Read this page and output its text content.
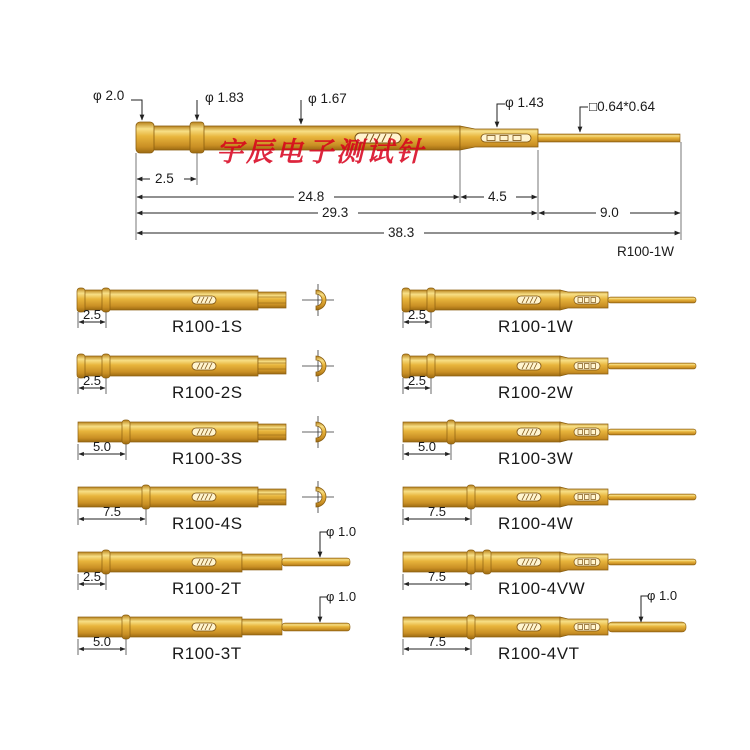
φ 2.0	φ 1.83	φ 1.67	φ 1.43	□0.64*0.64
2.5
24.8	4.5
29.3	9.0
38.3
R100-1W
宇辰电子测试针
2.5
R100-1S
2.5
R100-2S
5.0
R100-3S
7.5
R100-4S	φ 1.0
2.5
R100-2T	φ 1.0
5.0
R100-3T
2.5
R100-1W
2.5
R100-2W
5.0
R100-3W
7.5
R100-4W
7.5
R100-4VW	φ 1.0
7.5
R100-4VT
